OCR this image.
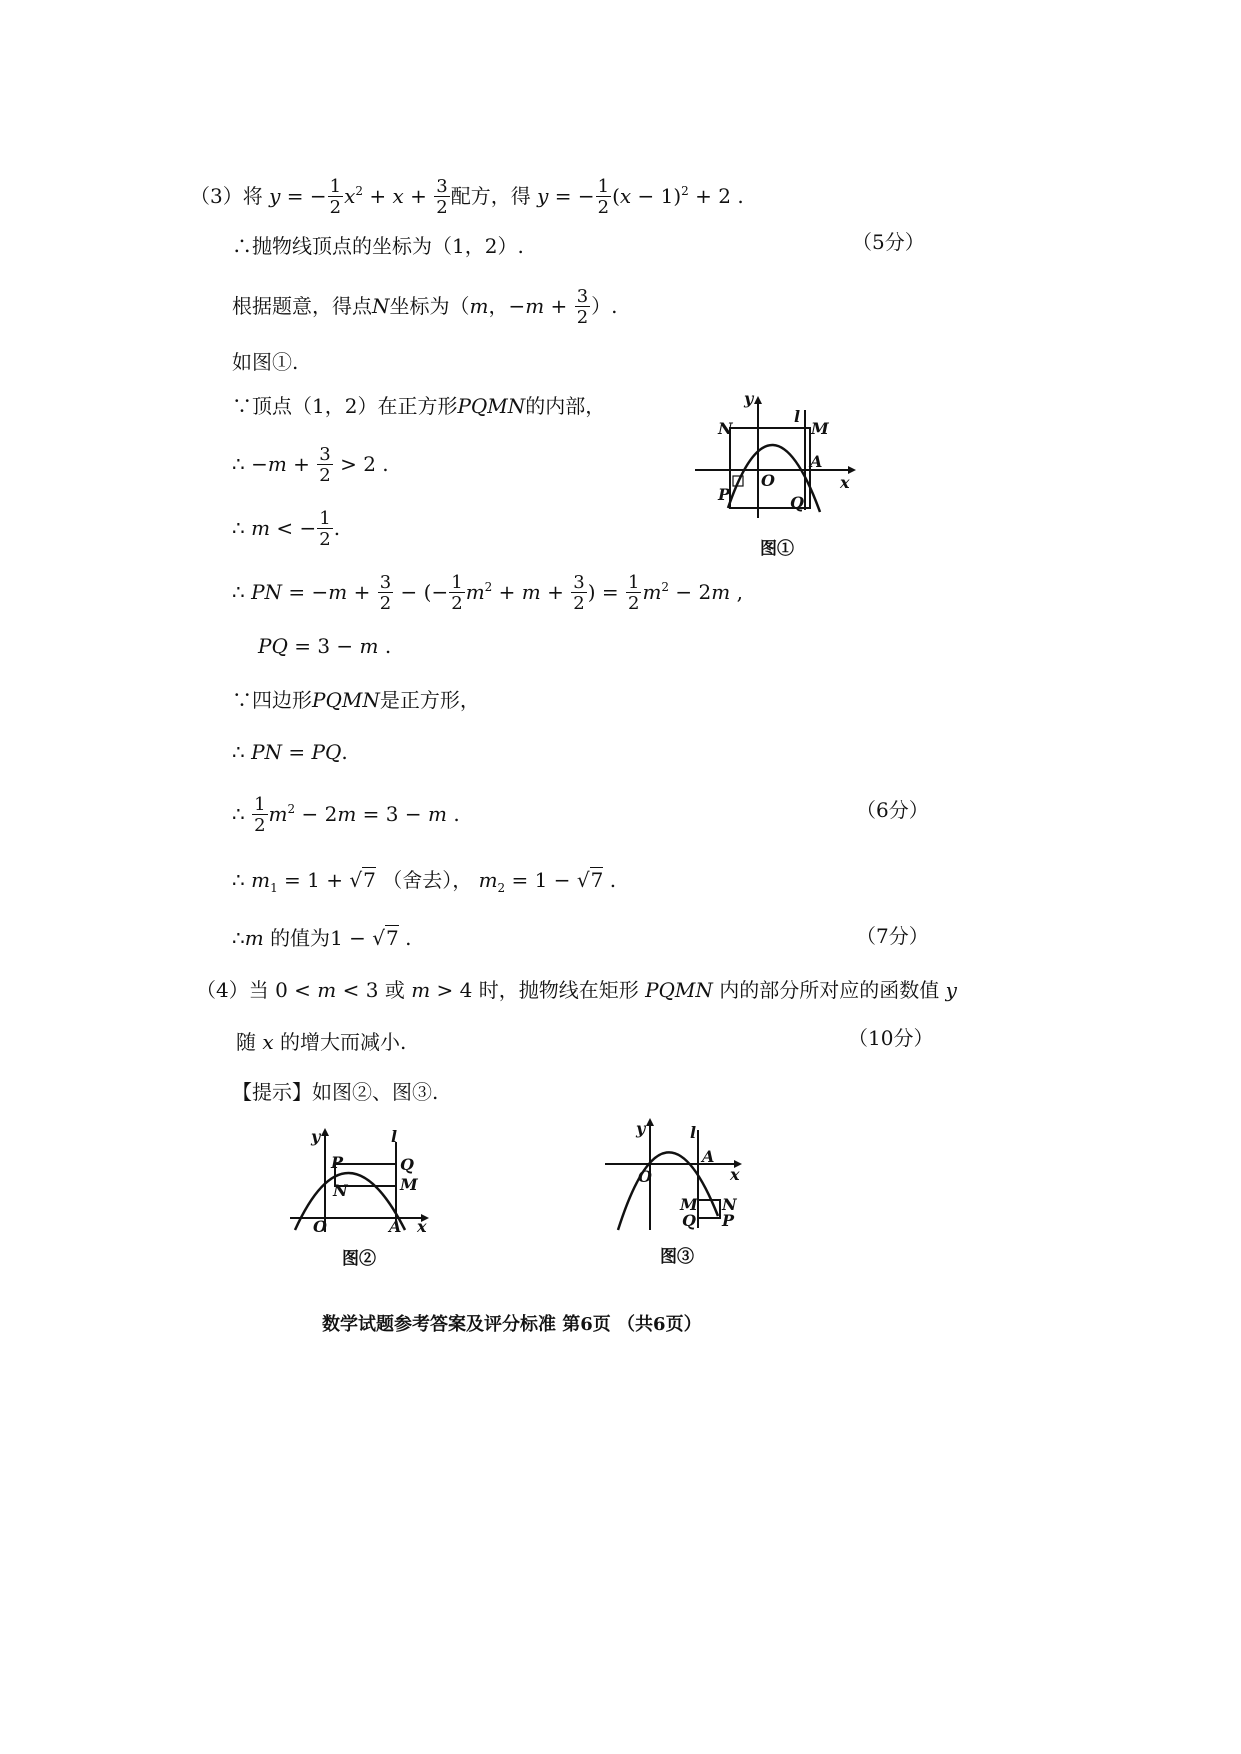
（3）将 y = − $\frac{1}{2} x^2 + x + \frac{3}{2}$ 配方，得 y = − $\frac{1}{2} (x - 1)^2 + 2$ .
∴抛物线顶点的坐标为（1，2）.	（5分）
根据题意，得点N坐标为（m，$-m + \frac{3}{2}$ ）.
如图①.
∵顶点（1，2）在正方形PQMN的内部，
∴ $-m + \frac{3}{2} > 2$ .
∴ m < − $\frac{1}{2}$ .
∴ PN = $-m + \frac{3}{2}$ − (− $\frac{1}{2} m^2 + m + \frac{3}{2}$ ) = $\frac{1}{2} m^2 - 2m$ ,
PQ = 3 − m .
∵四边形PQMN是正方形，
∴ PN = PQ.
∴ $\frac{1}{2} m^2 - 2m = 3 - m$ .	（6分）
∴ $m_1 = 1 + √7$ （舍去）， $m_2 = 1 - √7$ .
∴m 的值为1 − √7 .	（7分）
（4）当 0 < m < 3 或 m > 4 时，抛物线在矩形 PQMN 内的部分所对应的函数值 y
随 x 的增大而减小.	（10分）
【提示】如图②、图③.
y
l
N	M
A
x
O
P	Q
图①
y	l
P	Q
N	M
O	A x
图②
y	l
O
A
x
M N
Q P
图③
数学试题参考答案及评分标准 第6页 （共6页）
